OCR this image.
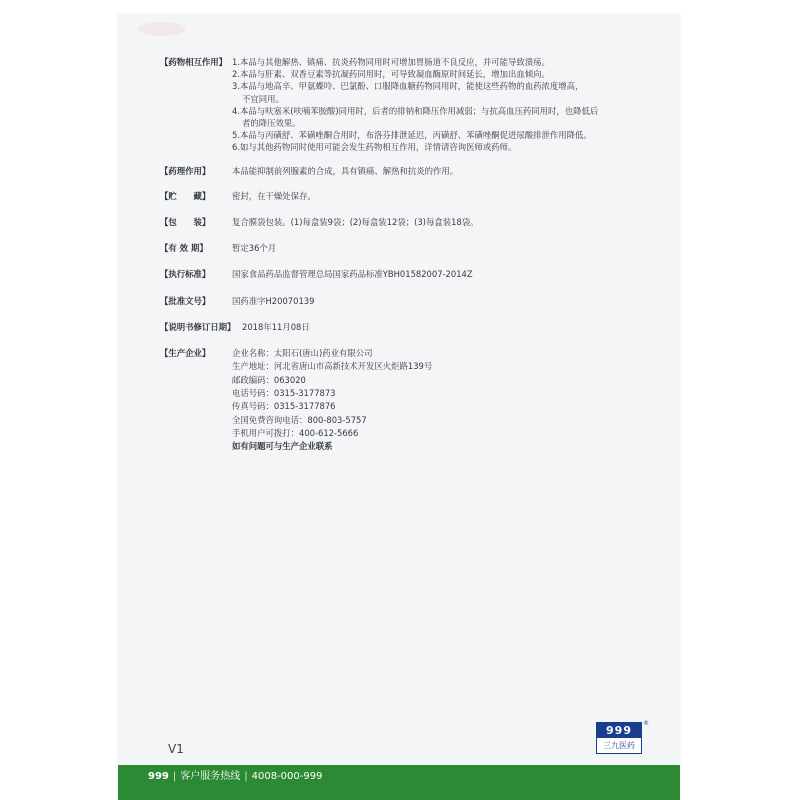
【药物相互作用】 1.本品与其他解热、镇痛、抗炎药物同用时可增加胃肠道不良反应，并可能导致溃疡。
2.本品与肝素、双香豆素等抗凝药同用时，可导致凝血酶原时间延长，增加出血倾向。
3.本品与地高辛、甲氨蝶呤、巴氯酚、口服降血糖药物同用时，能使这些药物的血药浓度增高，
不宜同用。
4.本品与呋塞米(呋喃苯胺酸)同用时，后者的排钠和降压作用减弱；与抗高血压药同用时，也降低后
者的降压效果。
5.本品与丙磺舒、苯磺唑酮合用时，布洛芬排泄延迟，丙磺舒、苯磺唑酮促进尿酸排泄作用降低。
6.如与其他药物同时使用可能会发生药物相互作用，详情请咨询医师或药师。
【药理作用】	本品能抑制前列腺素的合成，具有镇痛、解热和抗炎的作用。
【贮　　藏】	密封，在干燥处保存。
【包　　装】	复合膜袋包装。(1)每盒装9袋；(2)每盒装12袋；(3)每盒装18袋。
【有 效 期】	暂定36个月
【执行标准】	国家食品药品监督管理总局国家药品标准YBH01582007-2014Z
【批准文号】	国药准字H20070139
【说明书修订日期】 2018年11月08日
【生产企业】	企业名称：太阳石(唐山)药业有限公司
生产地址：河北省唐山市高新技术开发区火炬路139号
邮政编码：063020
电话号码：0315-3177873
传真号码：0315-3177876
全国免费咨询电话：800-803-5757
手机用户可拨打：400-612-5666
如有问题可与生产企业联系
V1
999
三九医药
®
999 | 客户服务热线 | 4008-000-999
